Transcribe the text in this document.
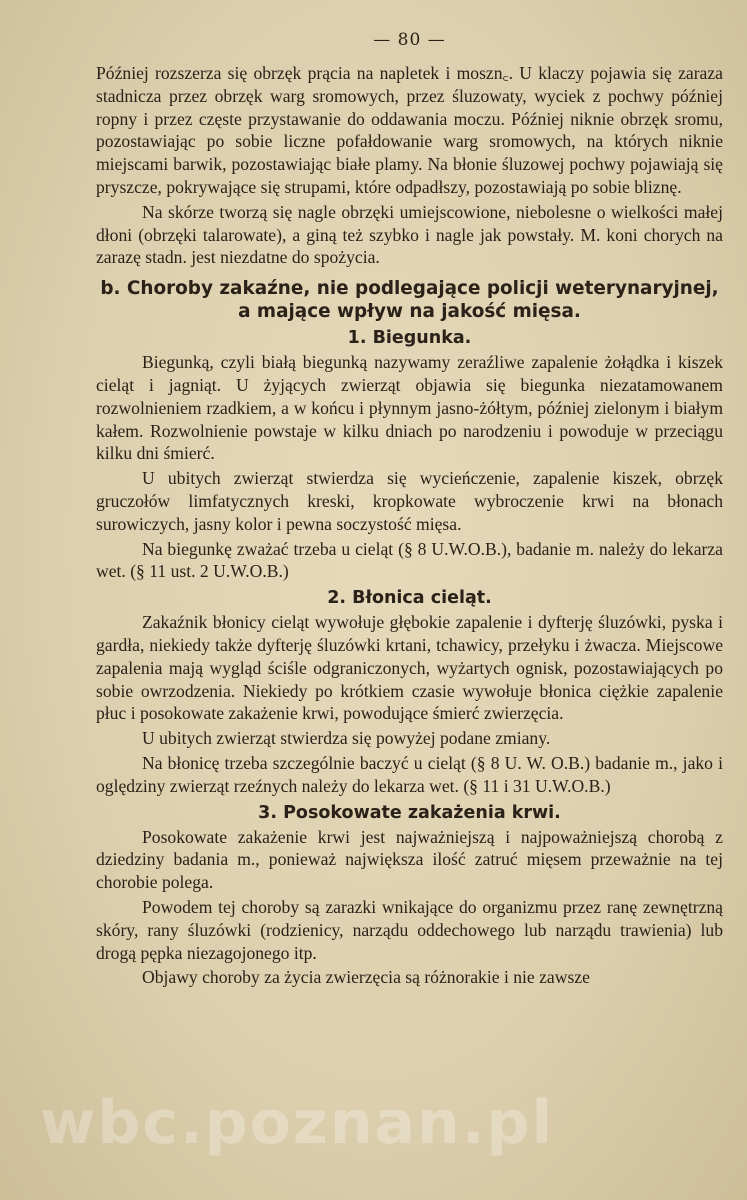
— 80 —

Później rozszerza się obrzęk prącia na napletek i moszn꜀. U klaczy pojawia się zaraza stadnicza przez obrzęk warg sromowych, przez śluzowaty, wyciek z pochwy później ropny i przez częste przystawanie do oddawania moczu. Później niknie obrzęk sromu, pozostawiając po sobie liczne pofałdowanie warg sromowych, na których niknie miejscami barwik, pozostawiając białe plamy. Na błonie śluzowej pochwy pojawiają się pryszcze, pokrywające się strupami, które odpadłszy, pozostawiają po sobie bliznę.

Na skórze tworzą się nagle obrzęki umiejscowione, niebolesne o wielkości małej dłoni (obrzęki talarowate), a giną też szybko i nagle jak powstały. M. koni chorych na zarazę stadn. jest niezdatne do spożycia.

b. Choroby zakaźne, nie podlegające policji weterynaryjnej, a mające wpływ na jakość mięsa.
1. Biegunka.

Biegunką, czyli białą biegunką nazywamy zeraźliwe zapalenie żołądka i kiszek cieląt i jagniąt. U żyjących zwierząt objawia się biegunka niezatamowanem rozwolnieniem rzadkiem, a w końcu i płynnym jasno-żółtym, później zielonym i białym kałem. Rozwolnienie powstaje w kilku dniach po narodzeniu i powoduje w przeciągu kilku dni śmierć.

U ubitych zwierząt stwierdza się wycieńczenie, zapalenie kiszek, obrzęk gruczołów limfatycznych kreski, kropkowate wybroczenie krwi na błonach surowiczych, jasny kolor i pewna soczystość mięsa.

Na biegunkę zważać trzeba u cieląt (§ 8 U.W.O.B.), badanie m. należy do lekarza wet. (§ 11 ust. 2 U.W.O.B.)

2. Błonica cieląt.

Zakaźnik błonicy cieląt wywołuje głębokie zapalenie i dyfterję śluzówki, pyska i gardła, niekiedy także dyfterję śluzówki krtani, tchawicy, przełyku i żwacza. Miejscowe zapalenia mają wygląd ściśle odgraniczonych, wyżartych ognisk, pozostawiających po sobie owrzodzenia. Niekiedy po krótkiem czasie wywołuje błonica ciężkie zapalenie płuc i posokowate zakażenie krwi, powodujące śmierć zwierzęcia.

U ubitych zwierząt stwierdza się powyżej podane zmiany.

Na błonicę trzeba szczególnie baczyć u cieląt (§ 8 U. W. O.B.) badanie m., jako i oględziny zwierząt rzeźnych należy do lekarza wet. (§ 11 i 31 U.W.O.B.)

3. Posokowate zakażenia krwi.

Posokowate zakażenie krwi jest najważniejszą i najpoważniejszą chorobą z dziedziny badania m., ponieważ największa ilość zatruć mięsem przeważnie na tej chorobie polega.

Powodem tej choroby są zarazki wnikające do organizmu przez ranę zewnętrzną skóry, rany śluzówki (rodzienicy, narządu oddechowego lub narządu trawienia) lub drogą pępka niezagojonego itp.

Objawy choroby za życia zwierzęcia są różnorakie i nie zawsze

wbc.poznan.pl
